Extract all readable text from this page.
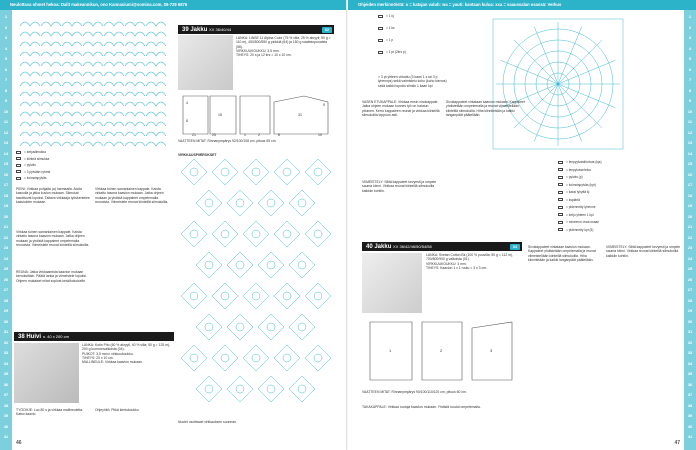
Neulottava ohmet hekoa: Dalit makeannikun, ono Kannasiumi@somina.com, 09-729 6876
1
2
3
4
5
6
7
8
9
10
11
12
13
14
15
16
17
18
19
20
21
22
23
24
25
26
27
28
29
30
31
32
33
34
35
36
37
38
39
40
41
= ketjusilmukka
= kiinteä silmukka
= pylväs
= 3 pylvään ryhmä
= kolmoispylväs
PIENI: Virkkaa pohjalta (a) harmaalla. Aloita kasvulla ja jatka kuvion mukaan. Silmukat tasoittuvat lopuksi. Taitava virkkaaja työskentelee kaavioiden mukaan.
Virkkaa toinen samanlainen kappale. Kaista virkattu tasona kaavion mukaan. Jatka ohjeen mukaan ja yhdistä kappaleet ompelemalla reunoista. Viimeistele reunat kiinteillä silmukoilla.
REUNA: Jatka virkkaamista kaavion mukaan kerroksittain. Päätä lanka ja viimeistele lopuksi. Ohjeen mukaiset mitat sopivat keskikokoiselle.
Virkkaa toinen samanlainen kappale. Kaista virkattu tasona kaavion mukaan. Jatka ohjeen mukaan ja yhdistä kappaleet ompelemalla reunoista. Viimeistele reunat kiinteillä silmukoilla.
38 Huivi n. 40 x 200 cm
LANKA: Kotin Pito (60 % akryyli, 40 % villa; 50 g = 125 m), 200 g luonnonvalkoista (04).
PUIKOT: 3,5 mm:n virkkuukoukku.
TIHEYS: 20 x 10 cm.
MALLINEULE: Virkkaa kaavion mukaan.
TYÖOHJE: Luo 80 s ja virkkaa mallineuletta. Katso kaavio.
Ohjeyhtiö: Pitkä kiertokoukku
39 Jakku XX 36/40/44	02
LANKA: LINSE 11 Alpina Color (75 % villa, 25 % akryyli; 50 g = 110 m), 450/500/550 g pinkkiä (64) ja 150 g vaaleanpunaista (56).
VIRKKUUKOUKKU: 3,5 mm.
TIHEYS: 20 s ja 12 krs = 10 x 10 cm.
4
8
21	25
15
1	2	8
31
10
9
VAATTEEN MITAT: Rinnanympärys 92/100/108 cm, pituus 55 cm.
VIRKKAUSPIIRROKSET
Nuolet osoittavat virkkauksen suunnan.
46
Ohjeiden merkinnöistä: o = katajan valuh: wa = yauti: kantaan kulua: xxa = vaaussalan osassä: Verkus
1
2
3
4
5
6
7
8
9
10
11
12
13
14
15
16
17
18
19
20
21
22
23
24
25
26
27
28
29
30
31
32
33
34
35
36
37
38
39
40
41
= 1 kj
= 1 ks
= 1 p
= 1 pt (2krs p)
= 3 pt yhteen virkattu (3 kaari 1 s tai 3 p lyhennys) sekä valmistelu koho (koho kierros) sekä kaikki loputtu silmiin 1 kaari kpl
VASEN ETUKAPPALE: Virkkaa ensin vinokappale. Jatka ohjeen mukaan kunnes työ on halutun pituinen. Kerro kappaleen reunat ja virkkaa kiinteillä silmukoilla loppuun asti.
Sivukappaleet virkataan kaavion mukaan. Kappaleet yhdistetään ompelemalla ja reunat viimeistellään kiinteillä silmukoilla. Hiha kiinnitetään ja kaikki langanpäät päätellään.
VIIMEISTELY: Silitä kappaleet kevyesti ja ompele sauma kiinni. Virkkaa reunat kiinteillä silmukoilla kaikkiin kohtiin.
= lenpyylvastihoivas (kja)
= lenpylvasehnka
= pylväs (p)
= kolmoispylväs (kpt)
= kaksi lyhyttä kj
= ksplärtä
= pidennetty lyhenne
= ketju yhteen 1 kpl
= mineenoi ovaa osaan
= pidennetty kpt (5)
40 Jakku XX 36/42/46/50/54/58	04
LANKA: Svetan Cotton Bk (100 % puuvilla; 50 g = 112 m), 700/800/900 g valkoista (01).
VIRKKUUKOUKKU: 3 mm.
TIHEYS: Kaavion 1 x 1 ruutu = 3 x 3 cm.
1	2	3
VAATTEEN MITAT: Rinnanympärys 90/100/110/120 cm, pituus 60 cm.
TAKAKAPPALE: Virkkaa ruutuja kaavion mukaan. Yhdistä ruudut ompelemalla.
Sivukappaleet virkataan kaavion mukaan. Kappaleet yhdistetään ompelemalla ja reunat viimeistellään kiinteillä silmukoilla. Hiha kiinnitetään ja kaikki langanpäät päätellään.
VIIMEISTELY: Silitä kappaleet kevyesti ja ompele sauma kiinni. Virkkaa reunat kiinteillä silmukoilla kaikkiin kohtiin.
47
